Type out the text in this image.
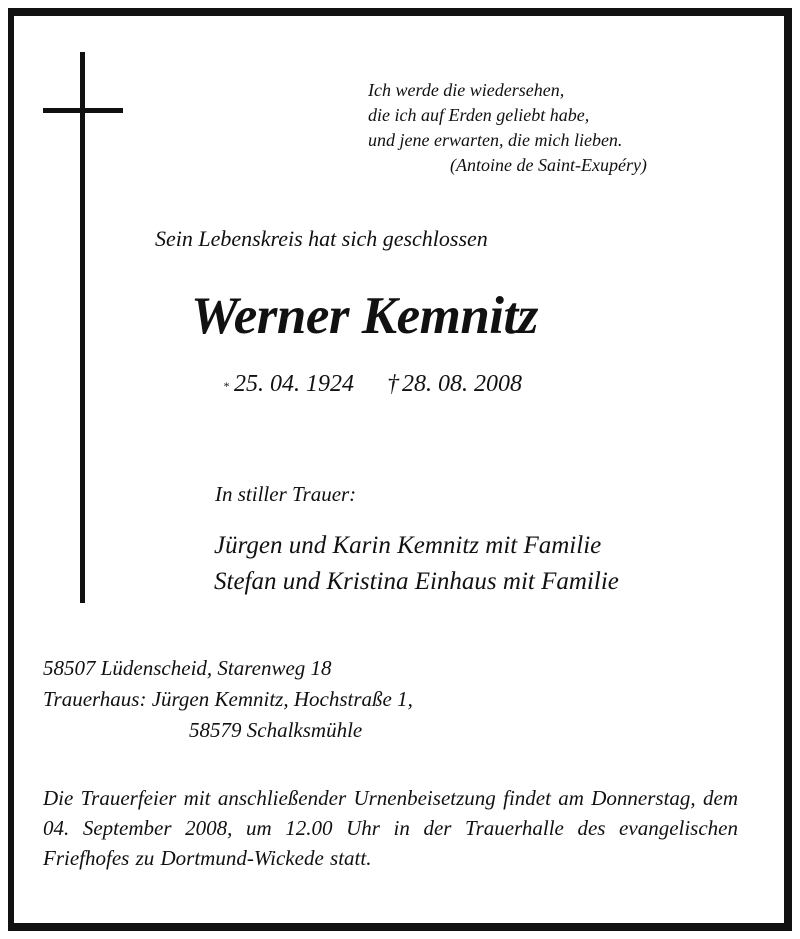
Ich werde die wiedersehen,
die ich auf Erden geliebt habe,
und jene erwarten, die mich lieben.
(Antoine de Saint-Exupéry)
Sein Lebenskreis hat sich geschlossen
Werner Kemnitz
* 25. 04. 1924 † 28. 08. 2008
In stiller Trauer:
Jürgen und Karin Kemnitz mit Familie
Stefan und Kristina Einhaus mit Familie
58507 Lüdenscheid, Starenweg 18
Trauerhaus: Jürgen Kemnitz, Hochstraße 1,
58579 Schalksmühle
Die Trauerfeier mit anschließender Urnenbeisetzung findet am Donnerstag, dem 04. September 2008, um 12.00 Uhr in der Trauerhalle des evangelischen Friefhofes zu Dortmund-Wickede statt.
